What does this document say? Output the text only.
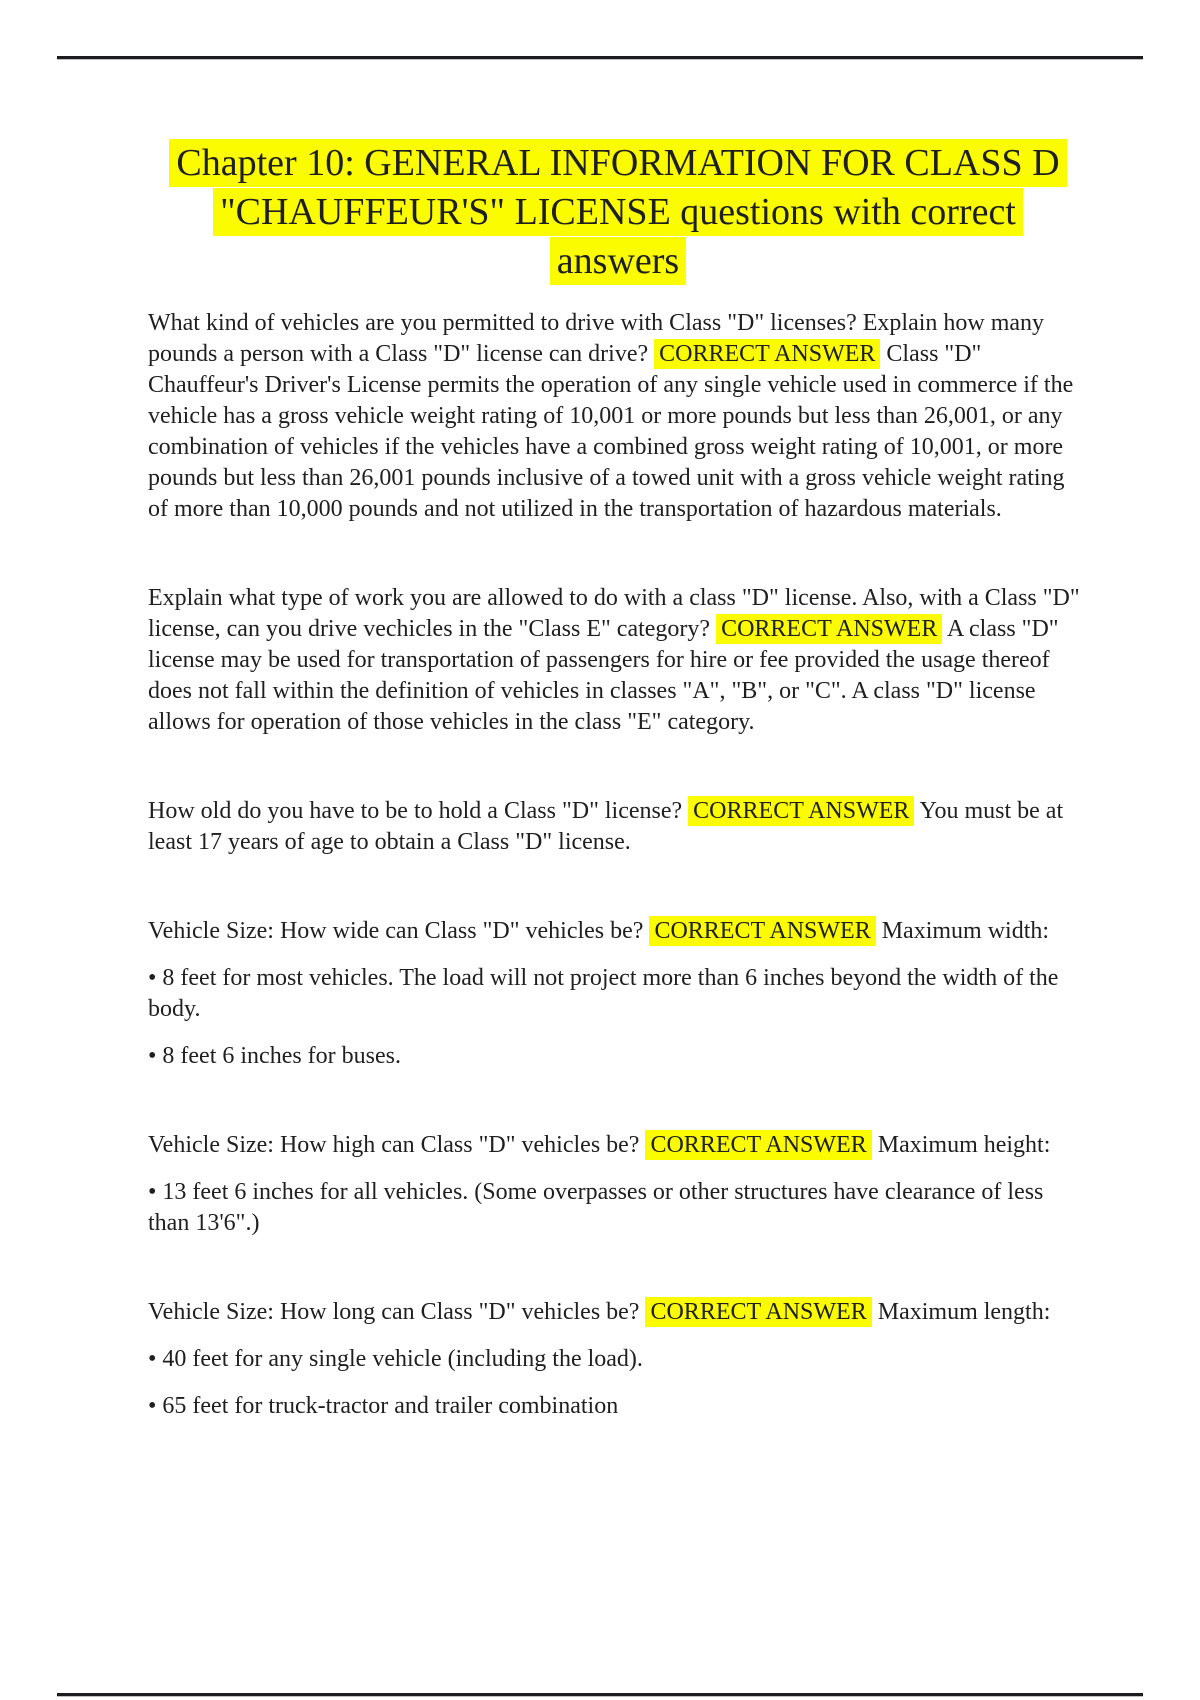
Chapter 10: GENERAL INFORMATION FOR CLASS D
"CHAUFFEUR'S" LICENSE questions with correct
answers
What kind of vehicles are you permitted to drive with Class "D" licenses? Explain how many
pounds a person with a Class "D" license can drive? CORRECT ANSWER Class "D"
Chauffeur's Driver's License permits the operation of any single vehicle used in commerce if the
vehicle has a gross vehicle weight rating of 10,001 or more pounds but less than 26,001, or any
combination of vehicles if the vehicles have a combined gross weight rating of 10,001, or more
pounds but less than 26,001 pounds inclusive of a towed unit with a gross vehicle weight rating
of more than 10,000 pounds and not utilized in the transportation of hazardous materials.
Explain what type of work you are allowed to do with a class "D" license. Also, with a Class "D"
license, can you drive vechicles in the "Class E" category? CORRECT ANSWER A class "D"
license may be used for transportation of passengers for hire or fee provided the usage thereof
does not fall within the definition of vehicles in classes "A", "B", or "C". A class "D" license
allows for operation of those vehicles in the class "E" category.
How old do you have to be to hold a Class "D" license? CORRECT ANSWER You must be at
least 17 years of age to obtain a Class "D" license.
Vehicle Size: How wide can Class "D" vehicles be? CORRECT ANSWER Maximum width:
• 8 feet for most vehicles. The load will not project more than 6 inches beyond the width of the
body.
• 8 feet 6 inches for buses.
Vehicle Size: How high can Class "D" vehicles be? CORRECT ANSWER Maximum height:
• 13 feet 6 inches for all vehicles. (Some overpasses or other structures have clearance of less
than 13'6".)
Vehicle Size: How long can Class "D" vehicles be? CORRECT ANSWER Maximum length:
• 40 feet for any single vehicle (including the load).
• 65 feet for truck-tractor and trailer combination
